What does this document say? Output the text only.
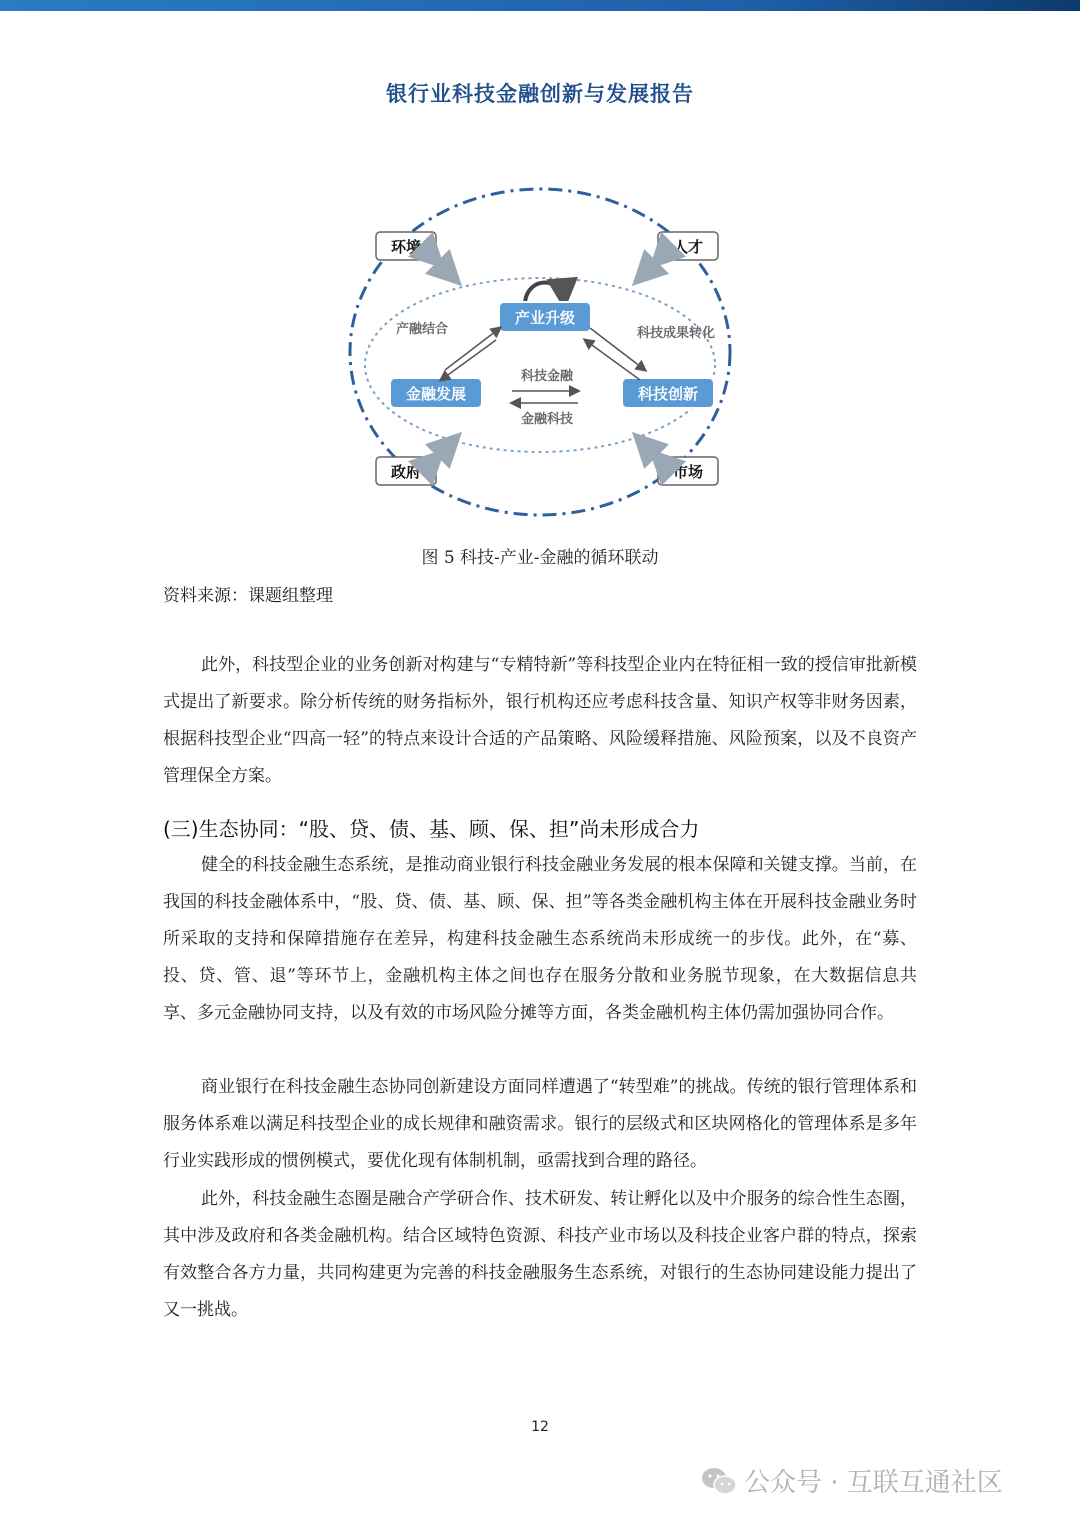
银行业科技金融创新与发展报告
环境	人才
政府	市场
产业升级
金融发展	科技创新
产融结合	科技成果转化
科技金融
金融科技
图 5 科技-产业-金融的循环联动
资料来源：课题组整理

此外，科技型企业的业务创新对构建与“专精特新”等科技型企业内在特征相一致的授信审批新模式提出了新要求。除分析传统的财务指标外，银行机构还应考虑科技含量、知识产权等非财务因素，根据科技型企业“四高一轻”的特点来设计合适的产品策略、风险缓释措施、风险预案，以及不良资产管理保全方案。

(三)生态协同：“股、贷、债、基、顾、保、担”尚未形成合力

健全的科技金融生态系统，是推动商业银行科技金融业务发展的根本保障和关键支撑。当前，在我国的科技金融体系中，“股、贷、债、基、顾、保、担”等各类金融机构主体在开展科技金融业务时所采取的支持和保障措施存在差异，构建科技金融生态系统尚未形成统一的步伐。此外，在“募、投、贷、管、退”等环节上，金融机构主体之间也存在服务分散和业务脱节现象，在大数据信息共享、多元金融协同支持，以及有效的市场风险分摊等方面，各类金融机构主体仍需加强协同合作。

商业银行在科技金融生态协同创新建设方面同样遭遇了“转型难”的挑战。传统的银行管理体系和服务体系难以满足科技型企业的成长规律和融资需求。银行的层级式和区块网格化的管理体系是多年行业实践形成的惯例模式，要优化现有体制机制，亟需找到合理的路径。

此外，科技金融生态圈是融合产学研合作、技术研发、转让孵化以及中介服务的综合性生态圈，其中涉及政府和各类金融机构。结合区域特色资源、科技产业市场以及科技企业客户群的特点，探索有效整合各方力量，共同构建更为完善的科技金融服务生态系统，对银行的生态协同建设能力提出了又一挑战。

12
公众号 · 互联互通社区
